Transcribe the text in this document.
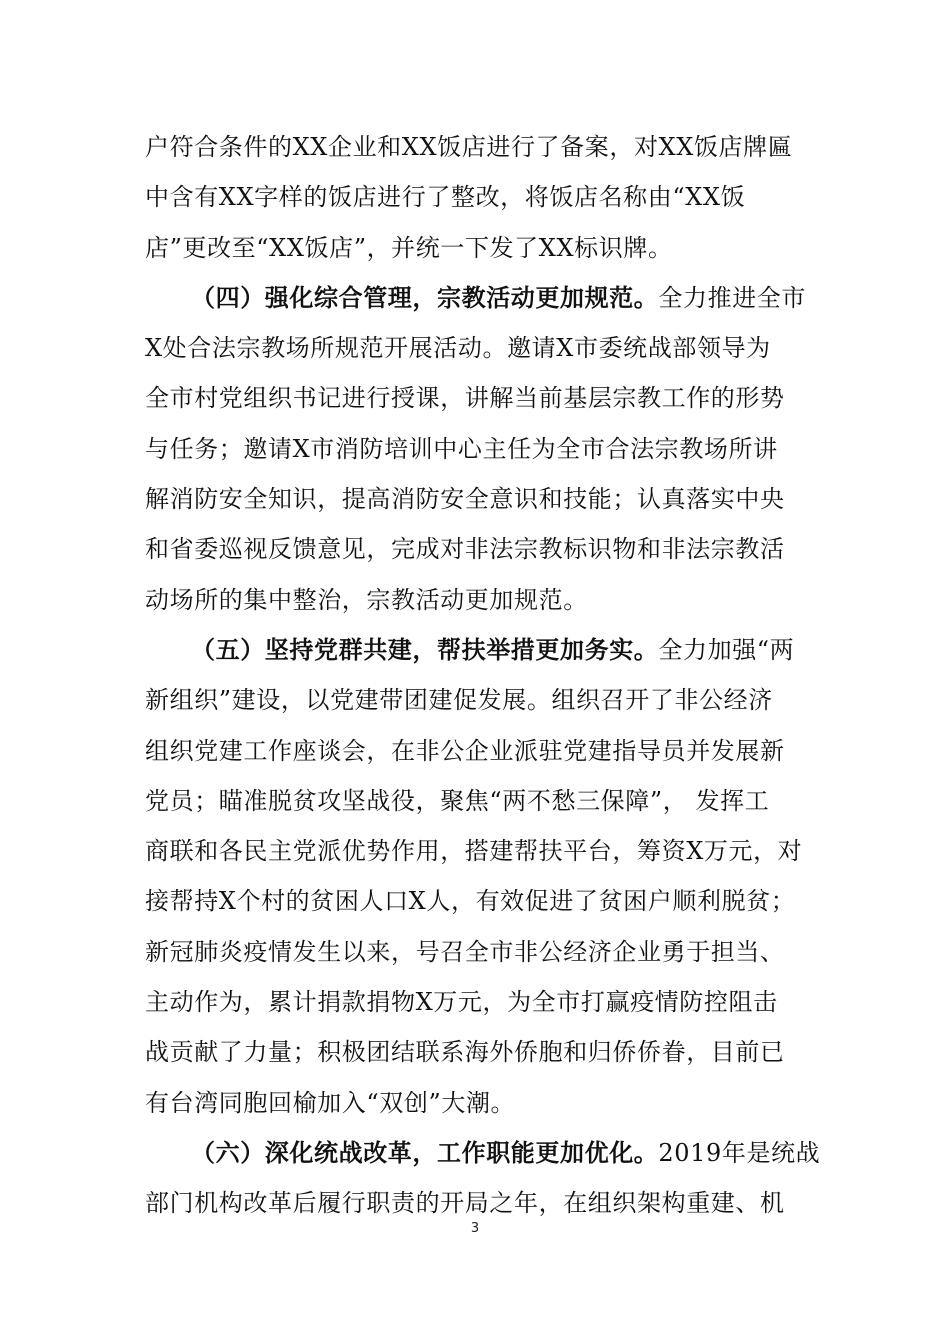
户符合条件的XX企业和XX饭店进行了备案，对XX饭店牌匾
中含有XX字样的饭店进行了整改，将饭店名称由“XX饭
店”更改至“XX饭店”，并统一下发了XX标识牌。
（四）强化综合管理，宗教活动更加规范。全力推进全市
X处合法宗教场所规范开展活动。邀请X市委统战部领导为
全市村党组织书记进行授课，讲解当前基层宗教工作的形势
与任务；邀请X市消防培训中心主任为全市合法宗教场所讲
解消防安全知识，提高消防安全意识和技能；认真落实中央
和省委巡视反馈意见，完成对非法宗教标识物和非法宗教活
动场所的集中整治，宗教活动更加规范。
（五）坚持党群共建，帮扶举措更加务实。全力加强“两
新组织”建设，以党建带团建促发展。组织召开了非公经济
组织党建工作座谈会，在非公企业派驻党建指导员并发展新
党员；瞄准脱贫攻坚战役，聚焦“两不愁三保障”， 发挥工
商联和各民主党派优势作用，搭建帮扶平台，筹资X万元，对
接帮持X个村的贫困人口X人，有效促进了贫困户顺利脱贫；
新冠肺炎疫情发生以来，号召全市非公经济企业勇于担当、
主动作为，累计捐款捐物X万元，为全市打赢疫情防控阻击
战贡献了力量；积极团结联系海外侨胞和归侨侨眷，目前已
有台湾同胞回榆加入“双创”大潮。
（六）深化统战改革，工作职能更加优化。2019年是统战
部门机构改革后履行职责的开局之年，在组织架构重建、机
3
